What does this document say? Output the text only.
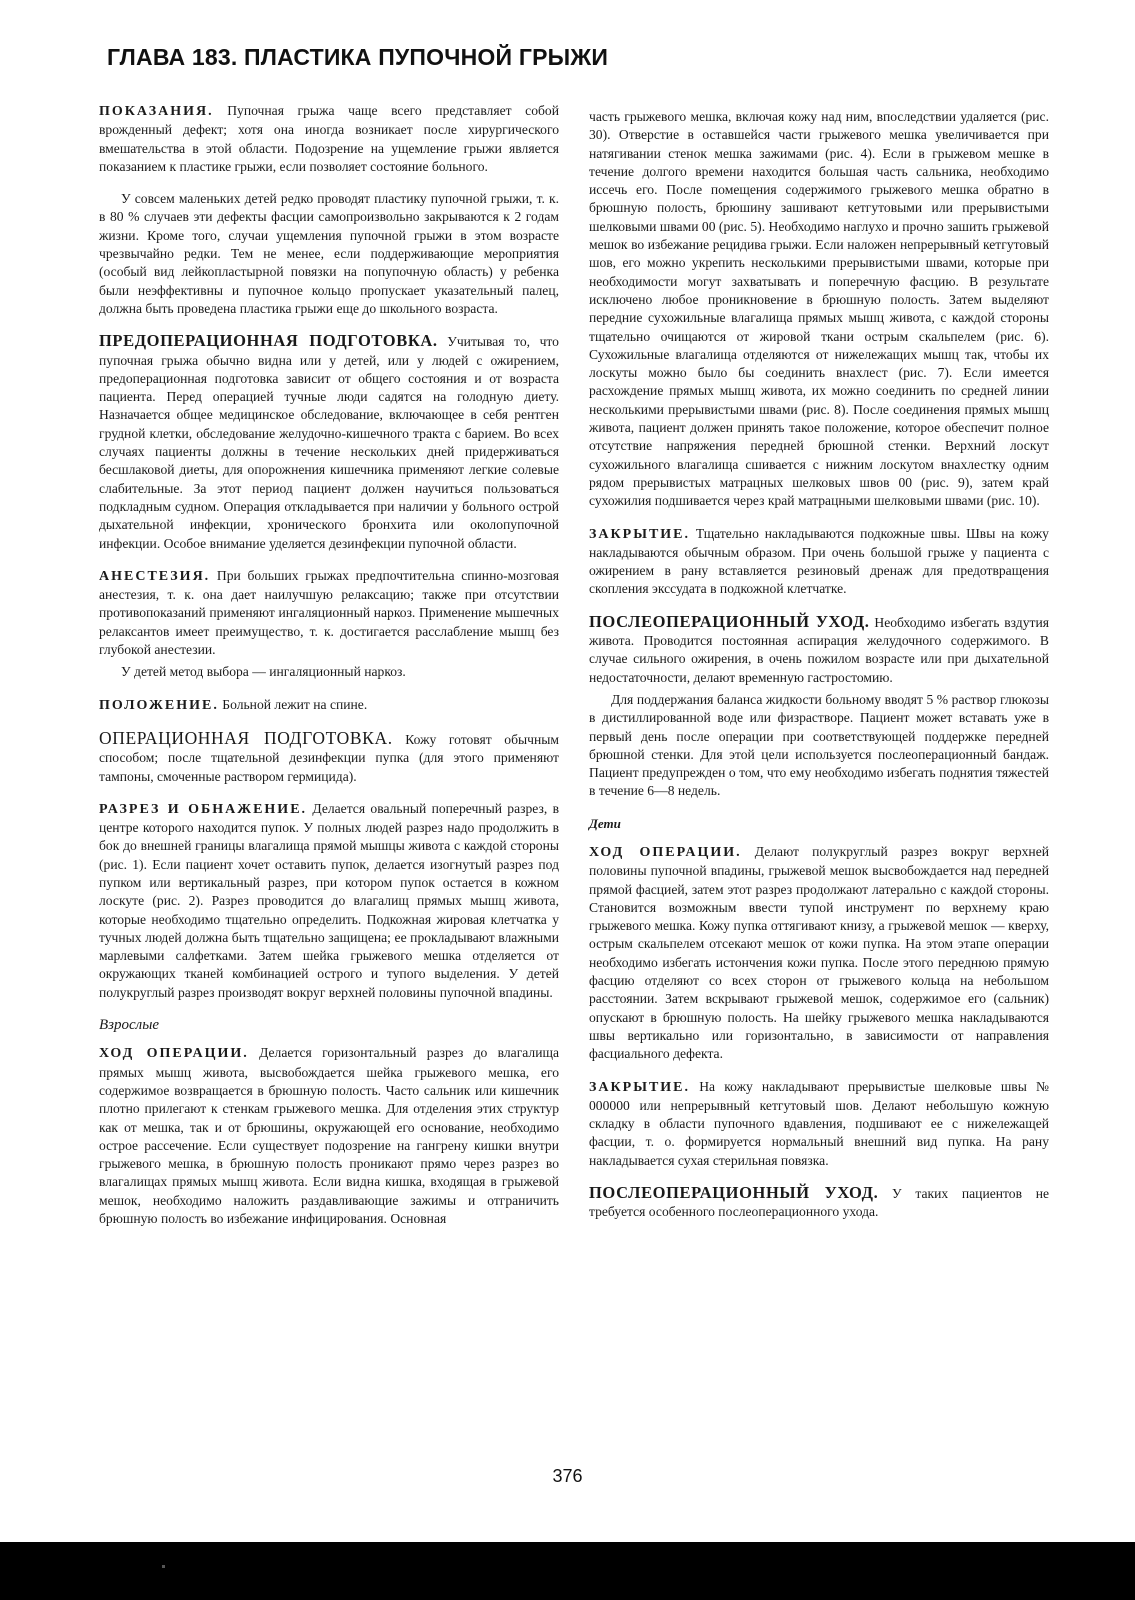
ГЛАВА 183. ПЛАСТИКА ПУПОЧНОЙ ГРЫЖИ

ПОКАЗАНИЯ. Пупочная грыжа чаще всего представляет собой врожденный дефект; хотя она иногда возникает после хирургического вмешательства в этой области. Подозрение на ущемление грыжи является показанием к пластике грыжи, если позволяет состояние больного.

У совсем маленьких детей редко проводят пластику пупочной грыжи, т. к. в 80 % случаев эти дефекты фасции самопроизвольно закрываются к 2 годам жизни. Кроме того, случаи ущемления пупочной грыжи в этом возрасте чрезвычайно редки. Тем не менее, если поддерживающие мероприятия (особый вид лейкопластырной повязки на попупочную область) у ребенка были неэффективны и пупочное кольцо пропускает указательный палец, должна быть проведена пластика грыжи еще до школьного возраста.

ПРЕДОПЕРАЦИОННАЯ ПОДГОТОВКА. Учитывая то, что пупочная грыжа обычно видна или у детей, или у людей с ожирением, предоперационная подготовка зависит от общего состояния и от возраста пациента. Перед операцией тучные люди садятся на голодную диету. Назначается общее медицинское обследование, включающее в себя рентген грудной клетки, обследование желудочно-кишечного тракта с барием. Во всех случаях пациенты должны в течение нескольких дней придерживаться бесшлаковой диеты, для опорожнения кишечника применяют легкие солевые слабительные. За этот период пациент должен научиться пользоваться подкладным судном. Операция откладывается при наличии у больного острой дыхательной инфекции, хронического бронхита или околопупочной инфекции. Особое внимание уделяется дезинфекции пупочной области.

АНЕСТЕЗИЯ. При больших грыжах предпочтительна спинно-мозговая анестезия, т. к. она дает наилучшую релаксацию; также при отсутствии противопоказаний применяют ингаляционный наркоз. Применение мышечных релаксантов имеет преимущество, т. к. достигается расслабление мышц без глубокой анестезии.

У детей метод выбора — ингаляционный наркоз.

ПОЛОЖЕНИЕ. Больной лежит на спине.

ОПЕРАЦИОННАЯ ПОДГОТОВКА. Кожу готовят обычным способом; после тщательной дезинфекции пупка (для этого применяют тампоны, смоченные раствором гермицида).

РАЗРЕЗ И ОБНАЖЕНИЕ. Делается овальный поперечный разрез, в центре которого находится пупок. У полных людей разрез надо продолжить в бок до внешней границы влагалища прямой мышцы живота с каждой стороны (рис. 1). Если пациент хочет оставить пупок, делается изогнутый разрез под пупком или вертикальный разрез, при котором пупок остается в кожном лоскуте (рис. 2). Разрез проводится до влагалищ прямых мышц живота, которые необходимо тщательно определить. Подкожная жировая клетчатка у тучных людей должна быть тщательно защищена; ее прокладывают влажными марлевыми салфетками. Затем шейка грыжевого мешка отделяется от окружающих тканей комбинацией острого и тупого выделения. У детей полукруглый разрез производят вокруг верхней половины пупочной впадины.

Взрослые

ХОД ОПЕРАЦИИ. Делается горизонтальный разрез до влагалища прямых мышц живота, высвобождается шейка грыжевого мешка, его содержимое возвращается в брюшную полость. Часто сальник или кишечник плотно прилегают к стенкам грыжевого мешка. Для отделения этих структур как от мешка, так и от брюшины, окружающей его основание, необходимо острое рассечение. Если существует подозрение на гангрену кишки внутри грыжевого мешка, в брюшную полость проникают прямо через разрез во влагалищах прямых мышц живота. Если видна кишка, входящая в грыжевой мешок, необходимо наложить раздавливающие зажимы и отграничить брюшную полость во избежание инфицирования. Основная

часть грыжевого мешка, включая кожу над ним, впоследствии удаляется (рис. 30). Отверстие в оставшейся части грыжевого мешка увеличивается при натягивании стенок мешка зажимами (рис. 4). Если в грыжевом мешке в течение долгого времени находится большая часть сальника, необходимо иссечь его. После помещения содержимого грыжевого мешка обратно в брюшную полость, брюшину зашивают кетгутовыми или прерывистыми шелковыми швами 00 (рис. 5). Необходимо наглухо и прочно зашить грыжевой мешок во избежание рецидива грыжи. Если наложен непрерывный кетгутовый шов, его можно укрепить несколькими прерывистыми швами, которые при необходимости могут захватывать и поперечную фасцию. В результате исключено любое проникновение в брюшную полость. Затем выделяют передние сухожильные влагалища прямых мышц живота, с каждой стороны тщательно очищаются от жировой ткани острым скальпелем (рис. 6). Сухожильные влагалища отделяются от нижележащих мышц так, чтобы их лоскуты можно было бы соединить внахлест (рис. 7). Если имеется расхождение прямых мышц живота, их можно соединить по средней линии несколькими прерывистыми швами (рис. 8). После соединения прямых мышц живота, пациент должен принять такое положение, которое обеспечит полное отсутствие напряжения передней брюшной стенки. Верхний лоскут сухожильного влагалища сшивается с нижним лоскутом внахлестку одним рядом прерывистых матрацных шелковых швов 00 (рис. 9), затем край сухожилия подшивается через край матрацными шелковыми швами (рис. 10).

ЗАКРЫТИЕ. Тщательно накладываются подкожные швы. Швы на кожу накладываются обычным образом. При очень большой грыже у пациента с ожирением в рану вставляется резиновый дренаж для предотвращения скопления экссудата в подкожной клетчатке.

ПОСЛЕОПЕРАЦИОННЫЙ УХОД. Необходимо избегать вздутия живота. Проводится постоянная аспирация желудочного содержимого. В случае сильного ожирения, в очень пожилом возрасте или при дыхательной недостаточности, делают временную гастростомию.

Для поддержания баланса жидкости больному вводят 5 % раствор глюкозы в дистиллированной воде или физрастворе. Пациент может вставать уже в первый день после операции при соответствующей поддержке передней брюшной стенки. Для этой цели используется послеоперационный бандаж. Пациент предупрежден о том, что ему необходимо избегать поднятия тяжестей в течение 6—8 недель.

Дети

ХОД ОПЕРАЦИИ. Делают полукруглый разрез вокруг верхней половины пупочной впадины, грыжевой мешок высвобождается над передней прямой фасцией, затем этот разрез продолжают латерально с каждой стороны. Становится возможным ввести тупой инструмент по верхнему краю грыжевого мешка. Кожу пупка оттягивают книзу, а грыжевой мешок — кверху, острым скальпелем отсекают мешок от кожи пупка. На этом этапе операции необходимо избегать истончения кожи пупка. После этого переднюю прямую фасцию отделяют со всех сторон от грыжевого кольца на небольшом расстоянии. Затем вскрывают грыжевой мешок, содержимое его (сальник) опускают в брюшную полость. На шейку грыжевого мешка накладываются швы вертикально или горизонтально, в зависимости от направления фасциального дефекта.

ЗАКРЫТИЕ. На кожу накладывают прерывистые шелковые швы № 000000 или непрерывный кетгутовый шов. Делают небольшую кожную складку в области пупочного вдавления, подшивают ее с нижележащей фасции, т. о. формируется нормальный внешний вид пупка. На рану накладывается сухая стерильная повязка.

ПОСЛЕОПЕРАЦИОННЫЙ УХОД. У таких пациентов не требуется особенного послеоперационного ухода.

376
